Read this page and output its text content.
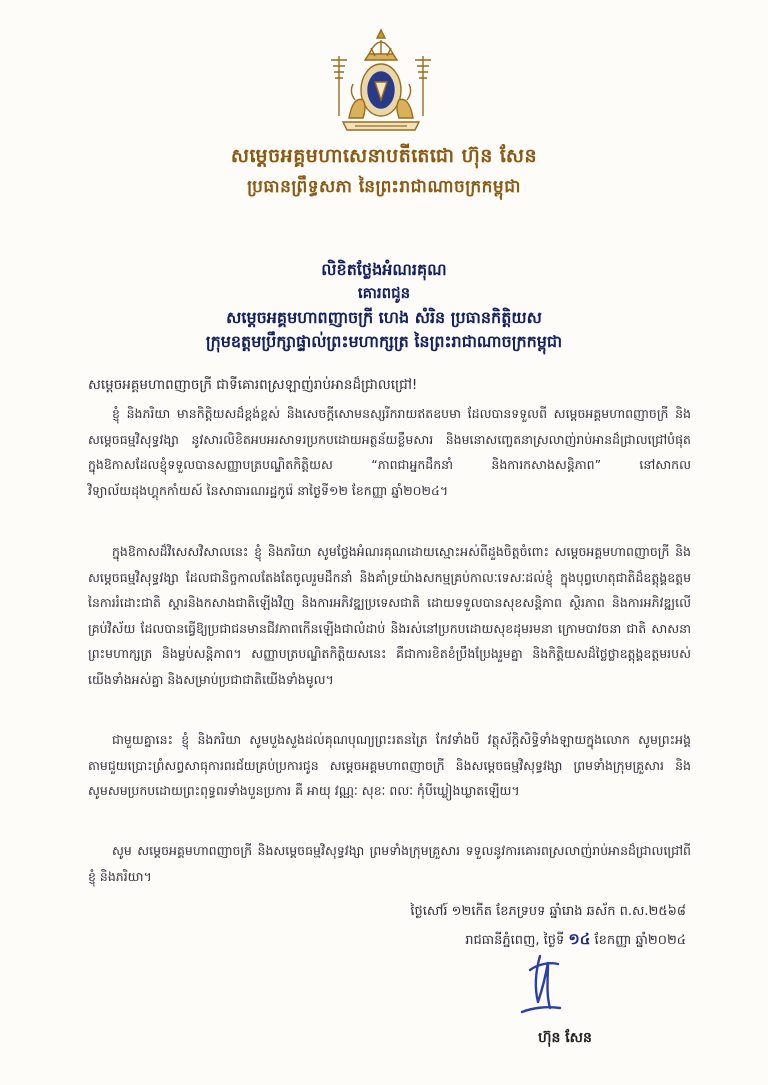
សម្ដេចអគ្គមហាសេនាបតីតេជោ ហ៊ុន សែន
ប្រធានព្រឹទ្ធសភា នៃព្រះរាជាណាចក្រកម្ពុជា
លិខិតថ្លែងអំណរគុណ
គោរពជូន
សម្ដេចអគ្គមហាពញាចក្រី ហេង សំរិន ប្រធានកិត្តិយស
ក្រុមឧត្តមប្រឹក្សាផ្ទាល់ព្រះមហាក្សត្រ នៃព្រះរាជាណាចក្រកម្ពុជា
សម្ដេចអគ្គមហាពញាចក្រី ជាទីគោរពស្រឡាញ់រាប់អានដ៏ជ្រាលជ្រៅ!

ខ្ញុំ និងភរិយា មានកិត្តិយសដ៏ខ្ពង់ខ្ពស់ និងសេចក្ដីសោមនស្សរីករាយឥតឧបមា ដែលបានទទួលពី សម្ដេចអគ្គមហាពញាចក្រី និងសម្ដេចធម្មវិសុទ្ធវង្សា នូវសារលិខិតអបអរសាទរប្រកបដោយអត្ថន័យខ្លឹមសារ និងមនោសញ្ចេតនាស្រលាញ់រាប់អានដ៏ជ្រាលជ្រៅបំផុត ក្នុងឱកាសដែលខ្ញុំទទួលបានសញ្ញាបត្របណ្ឌិតកិត្តិយស “ភាពជាអ្នកដឹកនាំ និងការកសាងសន្តិភាព” នៅសាកលវិទ្យាល័យដុងហ្គុកកាំយស៍ នៃសាធារណរដ្ឋកូរ៉េ នាថ្ងៃទី១២ ខែកញ្ញា ឆ្នាំ២០២៤។

ក្នុងឱកាសដ៏វិសេសវិសាលនេះ ខ្ញុំ និងភរិយា សូមថ្លែងអំណរគុណដោយស្មោះអស់ពីដួងចិត្តចំពោះ សម្ដេចអគ្គមហាពញាចក្រី និងសម្ដេចធម្មវិសុទ្ធវង្សា ដែលជានិច្ចកាលតែងតែចូលរួមដឹកនាំ និងគាំទ្រយ៉ាងសកម្មគ្រប់កាលៈទេសៈដល់ខ្ញុំ ក្នុងបុព្វហេតុជាតិដ៏ឧត្ដុង្គឧត្ដមនៃការរំដោះជាតិ ស្តារនិងកសាងជាតិឡើងវិញ និងការអភិវឌ្ឍប្រទេសជាតិ ដោយទទួលបានសុខសន្តិភាព ស្ថិរភាព និងការអភិវឌ្ឍលើគ្រប់វិស័យ ដែលបានធ្វើឱ្យប្រជាជនមានជីវភាពកើនឡើងជាលំដាប់ និងរស់នៅប្រកបដោយសុខដុមរមនា ក្រោមបាវចនា ជាតិ សាសនា ព្រះមហាក្សត្រ និងម្លប់សន្តិភាព។ សញ្ញាបត្របណ្ឌិតកិត្តិយសនេះ គឺជាការខិតខំប្រឹងប្រែងរួមគ្នា និងកិត្តិយសដ៏ថ្លៃថ្លាឧត្ដុង្គឧត្ដមរបស់យើងទាំងអស់គ្នា និងសម្រាប់ប្រជាជាតិយើងទាំងមូល។

ជាមួយគ្នានេះ ខ្ញុំ និងភរិយា សូមបួងសួងដល់គុណបុណ្យព្រះរតនត្រៃ កែវទាំងបី វត្ថុស័ក្តិសិទ្ធិទាំងឡាយក្នុងលោក សូមព្រះអង្គតាមជួយប្រោះព្រំសព្វសាធុការពរជ័យគ្រប់ប្រការជូន សម្ដេចអគ្គមហាពញាចក្រី និងសម្ដេចធម្មវិសុទ្ធវង្សា ព្រមទាំងក្រុមគ្រួសារ និងសូមសមប្រកបដោយព្រះពុទ្ធពរទាំងបួនប្រការ គឺ អាយុ វណ្ណៈ សុខៈ ពលៈ កុំបីឃ្លៀងឃ្លាតឡើយ។

សូម សម្ដេចអគ្គមហាពញាចក្រី និងសម្ដេចធម្មវិសុទ្ធវង្សា ព្រមទាំងក្រុមគ្រួសារ ទទួលនូវការគោរពស្រលាញ់រាប់អានដ៏ជ្រាលជ្រៅពីខ្ញុំ និងភរិយា។

ថ្ងៃសៅរ៍ ១២កើត ខែភទ្របទ ឆ្នាំរោង ឆស័ក ព.ស.២៥៦៨
រាជធានីភ្នំពេញ, ថ្ងៃទី ១៤ ខែកញ្ញា ឆ្នាំ២០២៤
ហ៊ុន សែន
